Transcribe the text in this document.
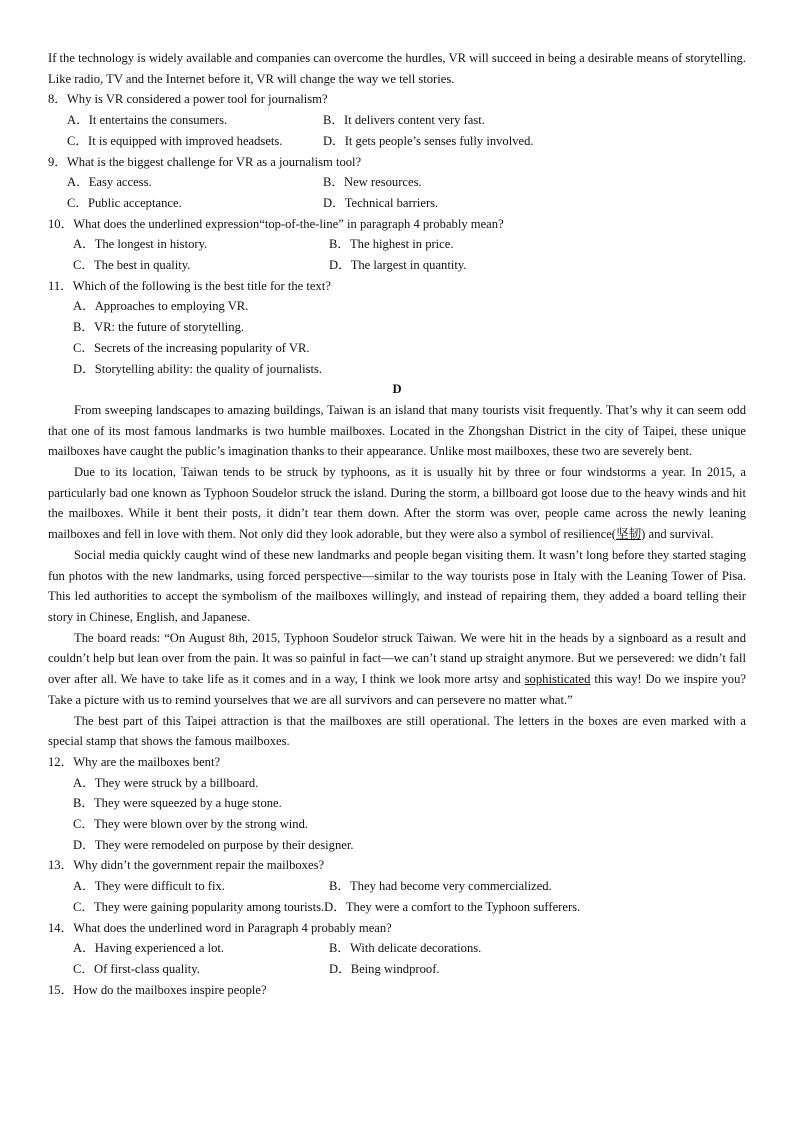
If the technology is widely available and companies can overcome the hurdles, VR will succeed in being a desirable means of storytelling. Like radio, TV and the Internet before it, VR will change the way we tell stories.

8．Why is VR considered a power tool for journalism?

A．It entertains the consumers.	B．It delivers content very fast.
C．It is equipped with improved headsets.	D．It gets people’s senses fully involved.

9．What is the biggest challenge for VR as a journalism tool?

A．Easy access.	B．New resources.
C．Public acceptance.	D．Technical barriers.

10．What does the underlined expression“top-of-the-line” in paragraph 4 probably mean?

A．The longest in history.	B．The highest in price.
C．The best in quality.	D．The largest in quantity.

11．Which of the following is the best title for the text?

A．Approaches to employing VR.

B．VR: the future of storytelling.

C．Secrets of the increasing popularity of VR.

D．Storytelling ability: the quality of journalists.

D

From sweeping landscapes to amazing buildings, Taiwan is an island that many tourists visit frequently. That’s why it can seem odd that one of its most famous landmarks is two humble mailboxes. Located in the Zhongshan District in the city of Taipei, these unique mailboxes have caught the public’s imagination thanks to their appearance. Unlike most mailboxes, these two are severely bent.

Due to its location, Taiwan tends to be struck by typhoons, as it is usually hit by three or four windstorms a year. In 2015, a particularly bad one known as Typhoon Soudelor struck the island. During the storm, a billboard got loose due to the heavy winds and hit the mailboxes. While it bent their posts, it didn’t tear them down. After the storm was over, people came across the newly leaning mailboxes and fell in love with them. Not only did they look adorable, but they were also a symbol of resilience(坚韧) and survival.

Social media quickly caught wind of these new landmarks and people began visiting them. It wasn’t long before they started staging fun photos with the new landmarks, using forced perspective—similar to the way tourists pose in Italy with the Leaning Tower of Pisa. This led authorities to accept the symbolism of the mailboxes willingly, and instead of repairing them, they added a board telling their story in Chinese, English, and Japanese.

The board reads: “On August 8th, 2015, Typhoon Soudelor struck Taiwan. We were hit in the heads by a signboard as a result and couldn’t help but lean over from the pain. It was so painful in fact—we can’t stand up straight anymore. But we persevered: we didn’t fall over after all. We have to take life as it comes and in a way, I think we look more artsy and sophisticated this way! Do we inspire you? Take a picture with us to remind yourselves that we are all survivors and can persevere no matter what.”

The best part of this Taipei attraction is that the mailboxes are still operational. The letters in the boxes are even marked with a special stamp that shows the famous mailboxes.

12．Why are the mailboxes bent?

A．They were struck by a billboard.

B．They were squeezed by a huge stone.

C．They were blown over by the strong wind.

D．They were remodeled on purpose by their designer.

13．Why didn’t the government repair the mailboxes?

A．They were difficult to fix.	B．They had become very commercialized.

C．They were gaining popularity among tourists.D．They were a comfort to the Typhoon sufferers.

14．What does the underlined word in Paragraph 4 probably mean?

A．Having experienced a lot.	B．With delicate decorations.
C．Of first-class quality.	D．Being windproof.

15．How do the mailboxes inspire people?
